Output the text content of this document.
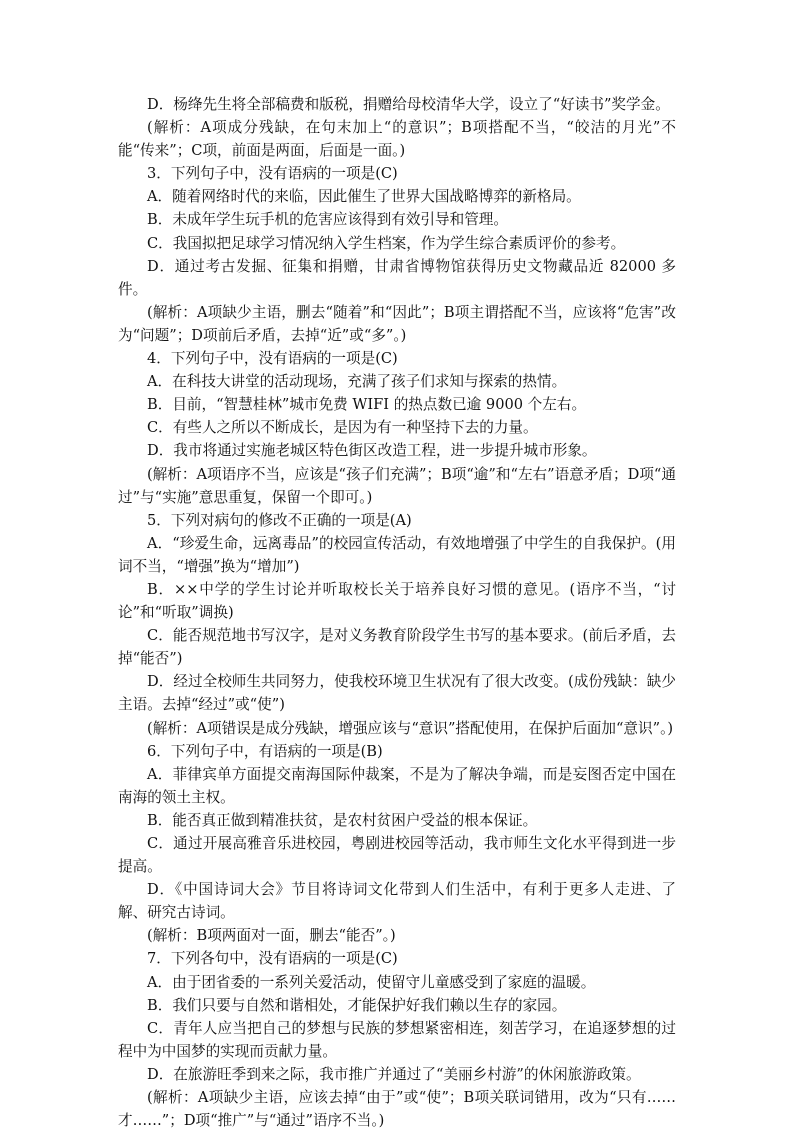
D．杨绛先生将全部稿费和版税，捐赠给母校清华大学，设立了“好读书”奖学金。

(解析：A项成分残缺，在句末加上“的意识”；B项搭配不当，“皎洁的月光”不能“传来”；C项，前面是两面，后面是一面。)

3．下列句子中，没有语病的一项是(C)

A．随着网络时代的来临，因此催生了世界大国战略博弈的新格局。

B．未成年学生玩手机的危害应该得到有效引导和管理。

C．我国拟把足球学习情况纳入学生档案，作为学生综合素质评价的参考。

D．通过考古发掘、征集和捐赠，甘肃省博物馆获得历史文物藏品近 82000 多件。

(解析：A项缺少主语，删去“随着”和“因此”；B项主谓搭配不当，应该将“危害”改为“问题”；D项前后矛盾，去掉“近”或“多”。)

4．下列句子中，没有语病的一项是(C)

A．在科技大讲堂的活动现场，充满了孩子们求知与探索的热情。

B．目前，“智慧桂林”城市免费 WIFI 的热点数已逾 9000 个左右。

C．有些人之所以不断成长，是因为有一种坚持下去的力量。

D．我市将通过实施老城区特色街区改造工程，进一步提升城市形象。

(解析：A项语序不当，应该是“孩子们充满”；B项“逾”和“左右”语意矛盾；D项“通过”与“实施”意思重复，保留一个即可。)

5．下列对病句的修改不正确的一项是(A)

A．“珍爱生命，远离毒品”的校园宣传活动，有效地增强了中学生的自我保护。(用词不当，“增强”换为“增加”)

B．××中学的学生讨论并听取校长关于培养良好习惯的意见。(语序不当，“讨论”和“听取”调换)

C．能否规范地书写汉字，是对义务教育阶段学生书写的基本要求。(前后矛盾，去掉“能否”)

D．经过全校师生共同努力，使我校环境卫生状况有了很大改变。(成份残缺：缺少主语。去掉“经过”或“使”)

(解析：A项错误是成分残缺，增强应该与“意识”搭配使用，在保护后面加“意识”。)

6．下列句子中，有语病的一项是(B)

A．菲律宾单方面提交南海国际仲裁案，不是为了解决争端，而是妄图否定中国在南海的领土主权。

B．能否真正做到精准扶贫，是农村贫困户受益的根本保证。

C．通过开展高雅音乐进校园，粤剧进校园等活动，我市师生文化水平得到进一步提高。

D．《中国诗词大会》节目将诗词文化带到人们生活中，有利于更多人走进、了解、研究古诗词。

(解析：B项两面对一面，删去“能否”。)

7．下列各句中，没有语病的一项是(C)

A．由于团省委的一系列关爱活动，使留守儿童感受到了家庭的温暖。

B．我们只要与自然和谐相处，才能保护好我们赖以生存的家园。

C．青年人应当把自己的梦想与民族的梦想紧密相连，刻苦学习，在追逐梦想的过程中为中国梦的实现而贡献力量。

D．在旅游旺季到来之际，我市推广并通过了“美丽乡村游”的休闲旅游政策。

(解析：A项缺少主语，应该去掉“由于”或“使”；B项关联词错用，改为“只有……才……”；D项“推广”与“通过”语序不当。)
